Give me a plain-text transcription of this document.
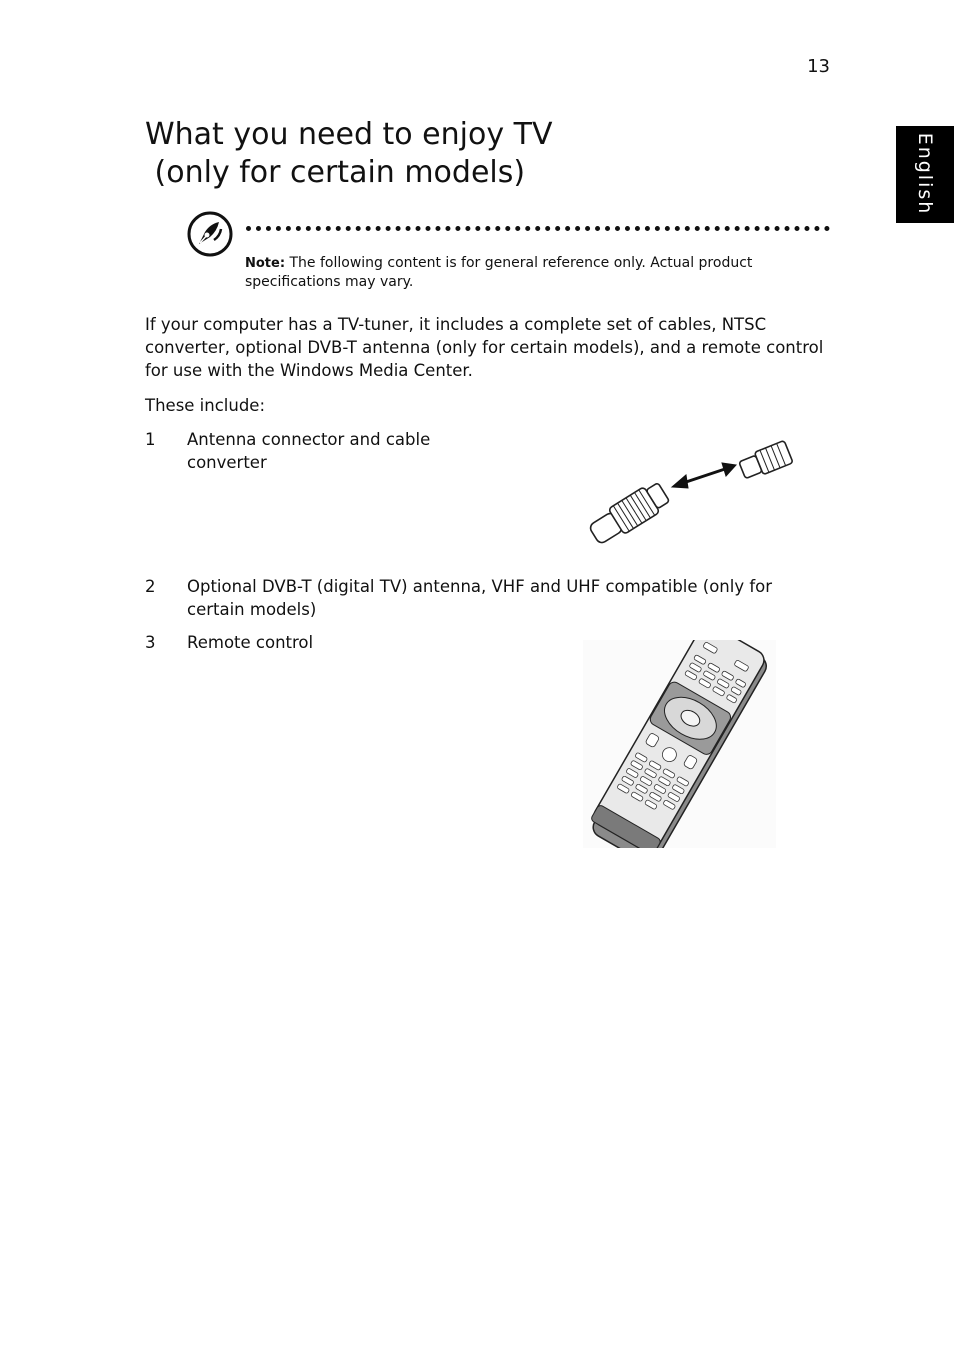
13
English
What you need to enjoy TV
(only for certain models)
Note: The following content is for general reference only. Actual product specifications may vary.

If your computer has a TV-tuner, it includes a complete set of cables, NTSC converter, optional DVB-T antenna (only for certain models), and a remote control for use with the Windows Media Center.

These include:

1	Antenna connector and cable converter
2	Optional DVB-T (digital TV) antenna, VHF and UHF compatible (only for certain models)
3	Remote control
